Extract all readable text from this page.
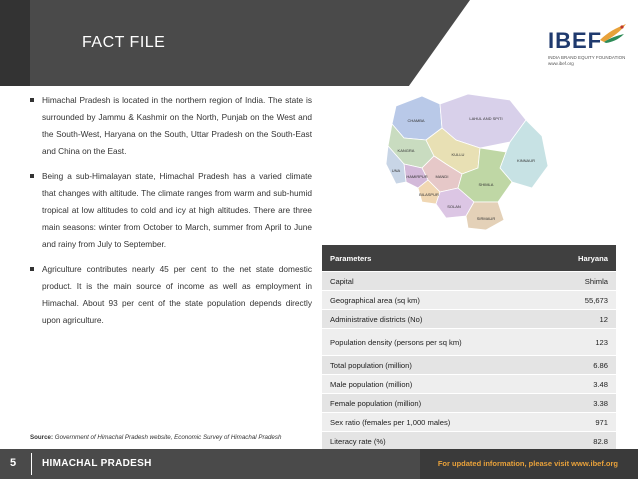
FACT FILE	IBEF
INDIA BRAND EQUITY FOUNDATION
www.ibef.org
Himachal Pradesh is located in the northern region of India. The state is surrounded by Jammu & Kashmir on the North, Punjab on the West and the South-West, Haryana on the South, Uttar Pradesh on the South-East and China on the East.
Being a sub-Himalayan state, Himachal Pradesh has a varied climate that changes with altitude. The climate ranges from warm and sub-humid tropical at low altitudes to cold and icy at high altitudes. There are three main seasons: winter from October to March, summer from April to June and rainy from July to September.
Agriculture contributes nearly 45 per cent to the net state domestic product. It is the main source of income as well as employment in Himachal. About 93 per cent of the state population depends directly upon agriculture.
CHAMBA	LAHUL AND SPITI
KANGRA
KULLU
KINNAUR
MANDI
HAMIRPUR
UNA
BILASPUR
SHIMLA
SOLAN
SIRMAUR
Parameters	Haryana
Capital	Shimla
Geographical area (sq km)	55,673
Administrative districts (No)	12
Population density (persons per sq km)	123
Total population (million)	6.86
Male population (million)	3.48
Female population (million)	3.38
Sex ratio (females per 1,000 males)	971
Literacy rate (%)	82.8
Source: Government of Himachal Pradesh website, Economic Survey of Himachal Pradesh
5	HIMACHAL PRADESH	For updated information, please visit www.ibef.org
